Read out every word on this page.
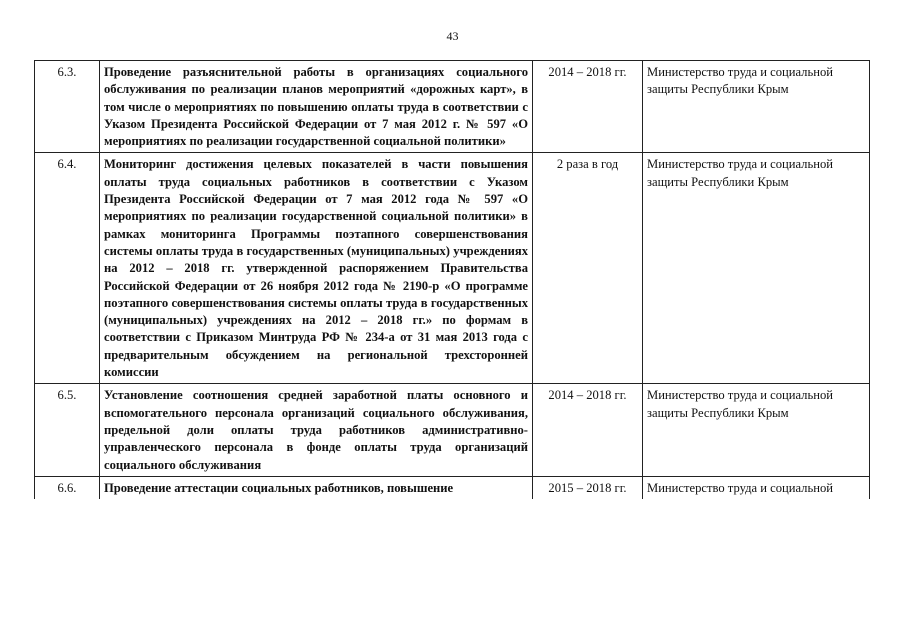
43
6.3.	Проведение разъяснительной работы в организациях социального обслуживания по реализации планов мероприятий «дорожных карт», в том числе о мероприятиях по повышению оплаты труда в соответствии с Указом Президента Российской Федерации от 7 мая 2012 г. № 597 «О мероприятиях по реализации государственной социальной политики»	2014 – 2018 гг.	Министерство труда и социальной защиты Республики Крым
6.4.	Мониторинг достижения целевых показателей в части повышения оплаты труда социальных работников в соответствии с Указом Президента Российской Федерации от 7 мая 2012 года № 597 «О мероприятиях по реализации государственной социальной политики» в рамках мониторинга Программы поэтапного совершенствования системы оплаты труда в государственных (муниципальных) учреждениях на 2012 – 2018 гг. утвержденной распоряжением Правительства Российской Федерации от 26 ноября 2012 года № 2190-р «О программе поэтапного совершенствования системы оплаты труда в государственных (муниципальных) учреждениях на 2012 – 2018 гг.» по формам в соответствии с Приказом Минтруда РФ № 234-а от 31 мая 2013 года с предварительным обсуждением на региональной трехсторонней комиссии	2 раза в год	Министерство труда и социальной защиты Республики Крым
6.5.	Установление соотношения средней заработной платы основного и вспомогательного персонала организаций социального обслуживания, предельной доли оплаты труда работников административно-управленческого персонала в фонде оплаты труда организаций социального обслуживания	2014 – 2018 гг.	Министерство труда и социальной защиты Республики Крым
6.6.	Проведение аттестации социальных работников, повышение	2015 – 2018 гг.	Министерство труда и социальной
